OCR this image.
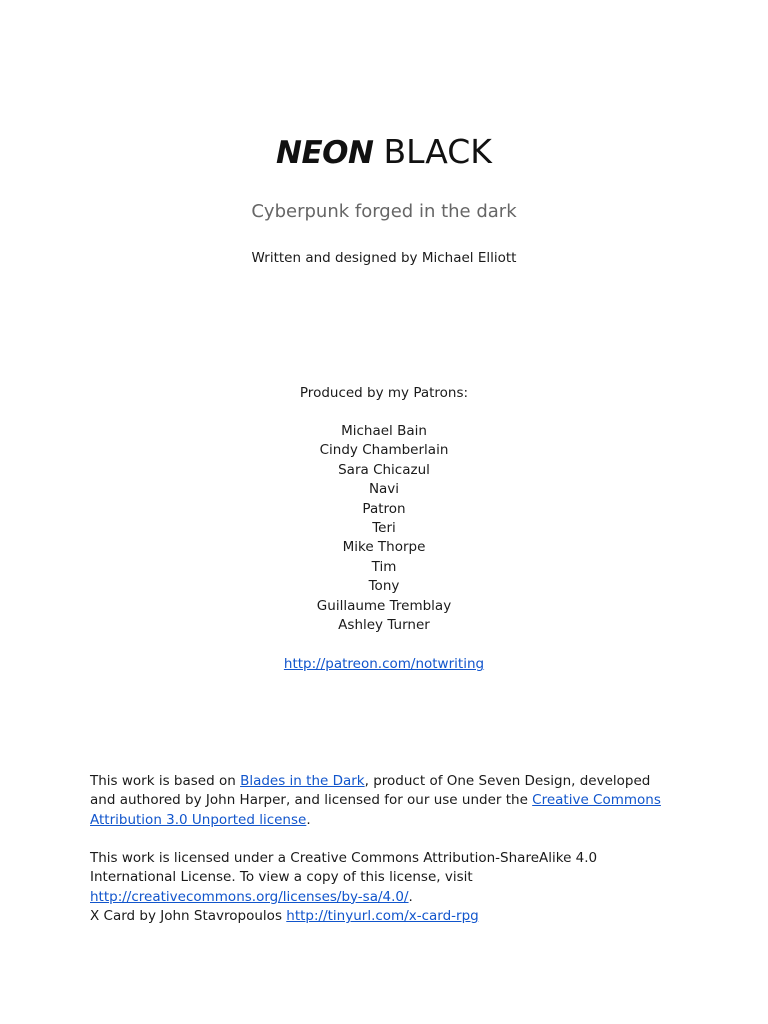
NEON BLACK
Cyberpunk forged in the dark
Written and designed by Michael Elliott
Produced by my Patrons:
Michael Bain
Cindy Chamberlain
Sara Chicazul
Navi
Patron
Teri
Mike Thorpe
Tim
Tony
Guillaume Tremblay
Ashley Turner
http://patreon.com/notwriting

This work is based on Blades in the Dark, product of One Seven Design, developed and authored by John Harper, and licensed for our use under the Creative Commons Attribution 3.0 Unported license.

This work is licensed under a Creative Commons Attribution-ShareAlike 4.0 International License. To view a copy of this license, visit http://creativecommons.org/licenses/by-sa/4.0/.

X Card by John Stavropoulos http://tinyurl.com/x-card-rpg
